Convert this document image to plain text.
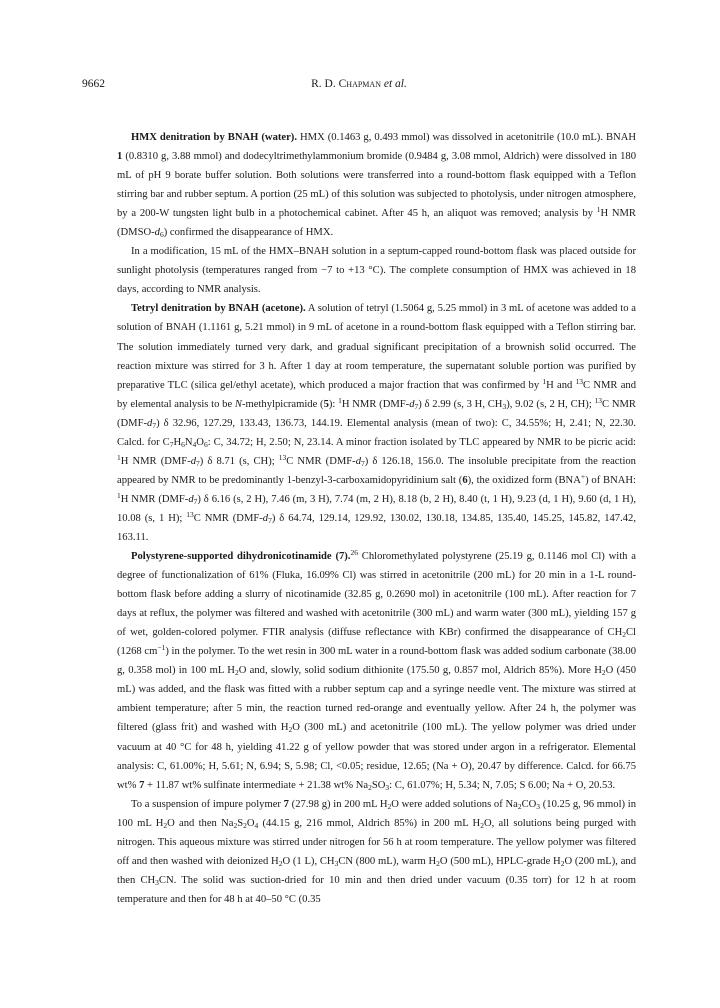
9662	R. D. Chapman et al.

HMX denitration by BNAH (water). HMX (0.1463 g, 0.493 mmol) was dissolved in acetonitrile (10.0 mL). BNAH 1 (0.8310 g, 3.88 mmol) and dodecyltrimethylammonium bromide (0.9484 g, 3.08 mmol, Aldrich) were dissolved in 180 mL of pH 9 borate buffer solution. Both solutions were transferred into a round-bottom flask equipped with a Teflon stirring bar and rubber septum. A portion (25 mL) of this solution was subjected to photolysis, under nitrogen atmosphere, by a 200-W tungsten light bulb in a photochemical cabinet. After 45 h, an aliquot was removed; analysis by $^1$H NMR $(DMSO-d_6)$ confirmed the disappearance of HMX.

In a modification, 15 mL of the HMX–BNAH solution in a septum-capped round-bottom flask was placed outside for sunlight photolysis (temperatures ranged from −7 to +13 °C). The complete consumption of HMX was achieved in 18 days, according to NMR analysis.

Tetryl denitration by BNAH (acetone). A solution of tetryl (1.5064 g, 5.25 mmol) in 3 mL of acetone was added to a solution of BNAH (1.1161 g, 5.21 mmol) in 9 mL of acetone in a round-bottom flask equipped with a Teflon stirring bar. The solution immediately turned very dark, and gradual significant precipitation of a brownish solid occurred. The reaction mixture was stirred for 3 h. After 1 day at room temperature, the supernatant soluble portion was purified by preparative TLC (silica gel/ethyl acetate), which produced a major fraction that was confirmed by $^1$H and $^{13}$C NMR and by elemental analysis to be N-methylpicramide (5): $^1$H NMR $(DMF-d_7)$ δ 2.99 (s, 3 H, $CH_3$), 9.02 (s, 2 H, CH); $^{13}$C NMR $(DMF-d_7)$ δ 32.96, 127.29, 133.43, 136.73, 144.19. Elemental analysis (mean of two): C, 34.55%; H, 2.41; N, 22.30. Calcd. for $C_7H_6N_4O_6$: C, 34.72; H, 2.50; N, 23.14. A minor fraction isolated by TLC appeared by NMR to be picric acid: $^1$H NMR $(DMF-d_7)$ δ 8.71 (s, CH); $^{13}$C NMR $(DMF-d_7)$ δ 126.18, 156.0. The insoluble precipitate from the reaction appeared by NMR to be predominantly 1-benzyl-3-carboxamidopyridinium salt (6), the oxidized form (BNA+) of BNAH: $^1$H NMR $(DMF-d_7)$ δ 6.16 (s, 2 H), 7.46 (m, 3 H), 7.74 (m, 2 H), 8.18 (b, 2 H), 8.40 (t, 1 H), 9.23 (d, 1 H), 9.60 (d, 1 H), 10.08 (s, 1 H); $^{13}$C NMR $(DMF-d_7)$ δ 64.74, 129.14, 129.92, 130.02, 130.18, 134.85, 135.40, 145.25, 145.82, 147.42, 163.11.

Polystyrene-supported dihydronicotinamide (7).$^{26}$ Chloromethylated polystyrene (25.19 g, 0.1146 mol Cl) with a degree of functionalization of 61% (Fluka, 16.09% Cl) was stirred in acetonitrile (200 mL) for 20 min in a 1-L round-bottom flask before adding a slurry of nicotinamide (32.85 g, 0.2690 mol) in acetonitrile (100 mL). After reaction for 7 days at reflux, the polymer was filtered and washed with acetonitrile (300 mL) and warm water (300 mL), yielding 157 g of wet, golden-colored polymer. FTIR analysis (diffuse reflectance with KBr) confirmed the disappearance of $CH_2Cl$ (1268 $cm^{-1}$) in the polymer. To the wet resin in 300 mL water in a round-bottom flask was added sodium carbonate (38.00 g, 0.358 mol) in 100 mL $H_2O$ and, slowly, solid sodium dithionite (175.50 g, 0.857 mol, Aldrich 85%). More $H_2O$ (450 mL) was added, and the flask was fitted with a rubber septum cap and a syringe needle vent. The mixture was stirred at ambient temperature; after 5 min, the reaction turned red-orange and eventually yellow. After 24 h, the polymer was filtered (glass frit) and washed with $H_2O$ (300 mL) and acetonitrile (100 mL). The yellow polymer was dried under vacuum at 40 °C for 48 h, yielding 41.22 g of yellow powder that was stored under argon in a refrigerator. Elemental analysis: C, 61.00%; H, 5.61; N, 6.94; S, 5.98; Cl, <0.05; residue, 12.65; (Na + O), 20.47 by difference. Calcd. for 66.75 wt% 7 + 11.87 wt% sulfinate intermediate + 21.38 wt% $Na_2SO_3$: C, 61.07%; H, 5.34; N, 7.05; S 6.00; Na + O, 20.53.

To a suspension of impure polymer 7 (27.98 g) in 200 mL $H_2O$ were added solutions of $Na_2CO_3$ (10.25 g, 96 mmol) in 100 mL $H_2O$ and then $Na_2S_2O_4$ (44.15 g, 216 mmol, Aldrich 85%) in 200 mL $H_2O$, all solutions being purged with nitrogen. This aqueous mixture was stirred under nitrogen for 56 h at room temperature. The yellow polymer was filtered off and then washed with deionized $H_2O$ (1 L), $CH_3CN$ (800 mL), warm $H_2O$ (500 mL), HPLC-grade $H_2O$ (200 mL), and then $CH_3CN$. The solid was suction-dried for 10 min and then dried under vacuum (0.35 torr) for 12 h at room temperature and then for 48 h at 40–50 °C (0.35
